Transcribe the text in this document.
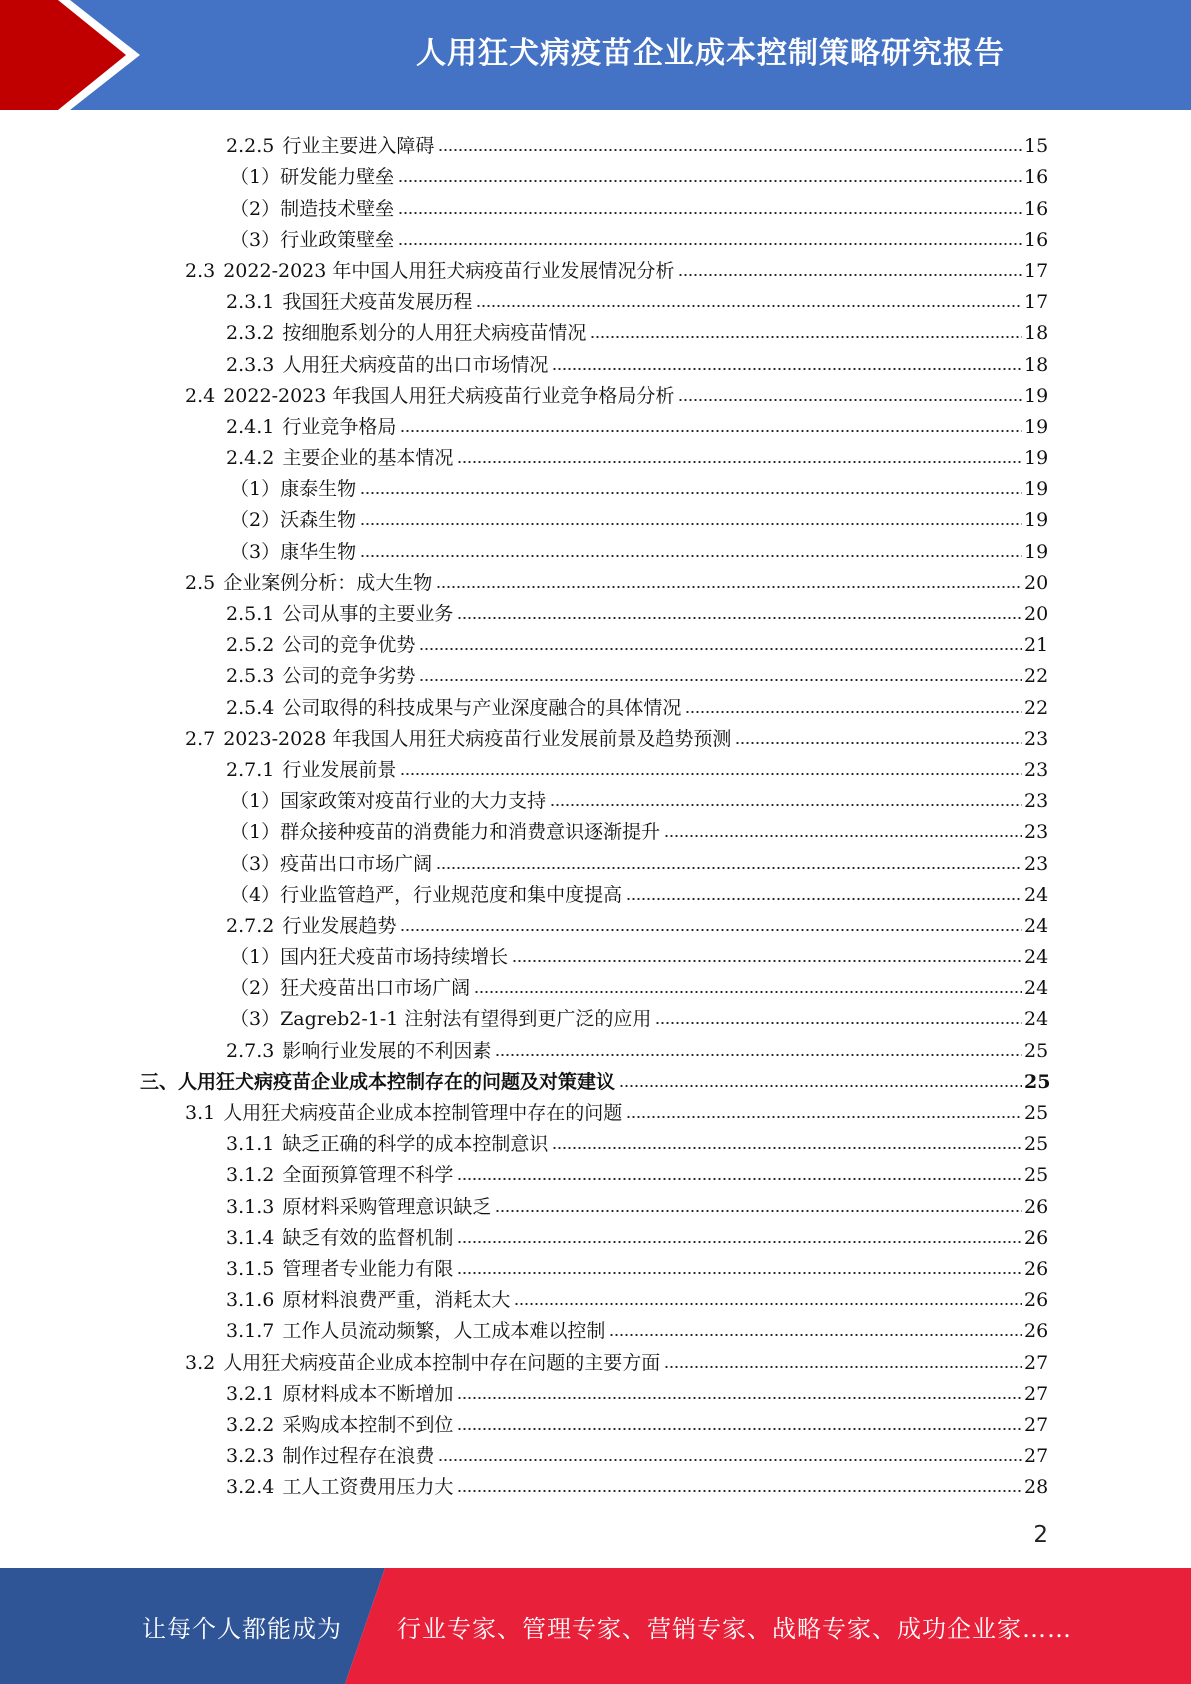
人用狂犬病疫苗企业成本控制策略研究报告
2.2.5 行业主要进入障碍	15
（1）研发能力壁垒	16
（2）制造技术壁垒	16
（3）行业政策壁垒	16
2.3 2022-2023 年中国人用狂犬病疫苗行业发展情况分析	17
2.3.1 我国狂犬疫苗发展历程	17
2.3.2 按细胞系划分的人用狂犬病疫苗情况	18
2.3.3 人用狂犬病疫苗的出口市场情况	18
2.4 2022-2023 年我国人用狂犬病疫苗行业竞争格局分析	19
2.4.1 行业竞争格局	19
2.4.2 主要企业的基本情况	19
（1）康泰生物	19
（2）沃森生物	19
（3）康华生物	19
2.5 企业案例分析：成大生物	20
2.5.1 公司从事的主要业务	20
2.5.2 公司的竞争优势	21
2.5.3 公司的竞争劣势	22
2.5.4 公司取得的科技成果与产业深度融合的具体情况	22
2.7 2023-2028 年我国人用狂犬病疫苗行业发展前景及趋势预测	23
2.7.1 行业发展前景	23
（1）国家政策对疫苗行业的大力支持	23
（1）群众接种疫苗的消费能力和消费意识逐渐提升	23
（3）疫苗出口市场广阔	23
（4）行业监管趋严，行业规范度和集中度提高	24
2.7.2 行业发展趋势	24
（1）国内狂犬疫苗市场持续增长	24
（2）狂犬疫苗出口市场广阔	24
（3）Zagreb2-1-1 注射法有望得到更广泛的应用	24
2.7.3 影响行业发展的不利因素	25
三、人用狂犬病疫苗企业成本控制存在的问题及对策建议	25
3.1 人用狂犬病疫苗企业成本控制管理中存在的问题	25
3.1.1 缺乏正确的科学的成本控制意识	25
3.1.2 全面预算管理不科学	25
3.1.3 原材料采购管理意识缺乏	26
3.1.4 缺乏有效的监督机制	26
3.1.5 管理者专业能力有限	26
3.1.6 原材料浪费严重，消耗太大	26
3.1.7 工作人员流动频繁，人工成本难以控制	26
3.2 人用狂犬病疫苗企业成本控制中存在问题的主要方面	27
3.2.1 原材料成本不断增加	27
3.2.2 采购成本控制不到位	27
3.2.3 制作过程存在浪费	27
3.2.4 工人工资费用压力大	28
2
让每个人都能成为 行业专家、管理专家、营销专家、战略专家、成功企业家……
